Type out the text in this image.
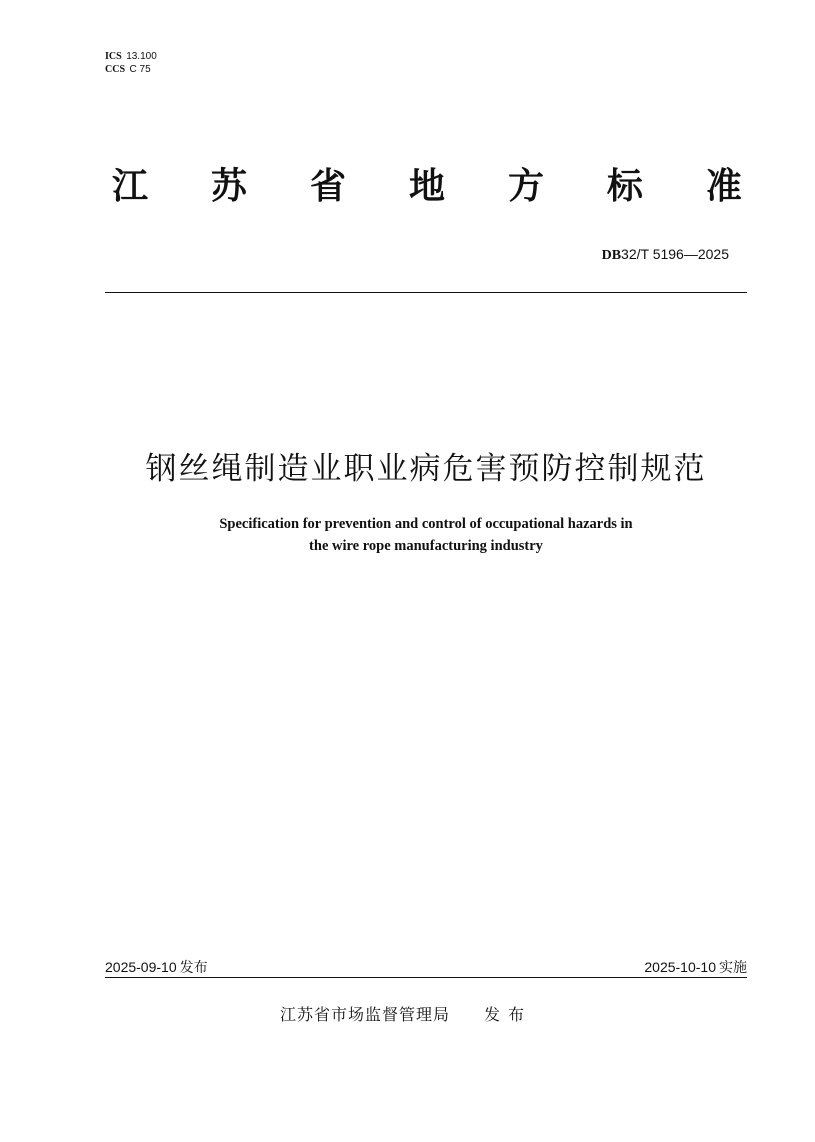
ICS 13.100
CCS C 75
江 苏 省 地 方 标 准
DB32/T 5196—2025
钢丝绳制造业职业病危害预防控制规范
Specification for prevention and control of occupational hazards in
the wire rope manufacturing industry
2025-09-10 发布	2025-10-10 实施
江苏省市场监督管理局 发布
